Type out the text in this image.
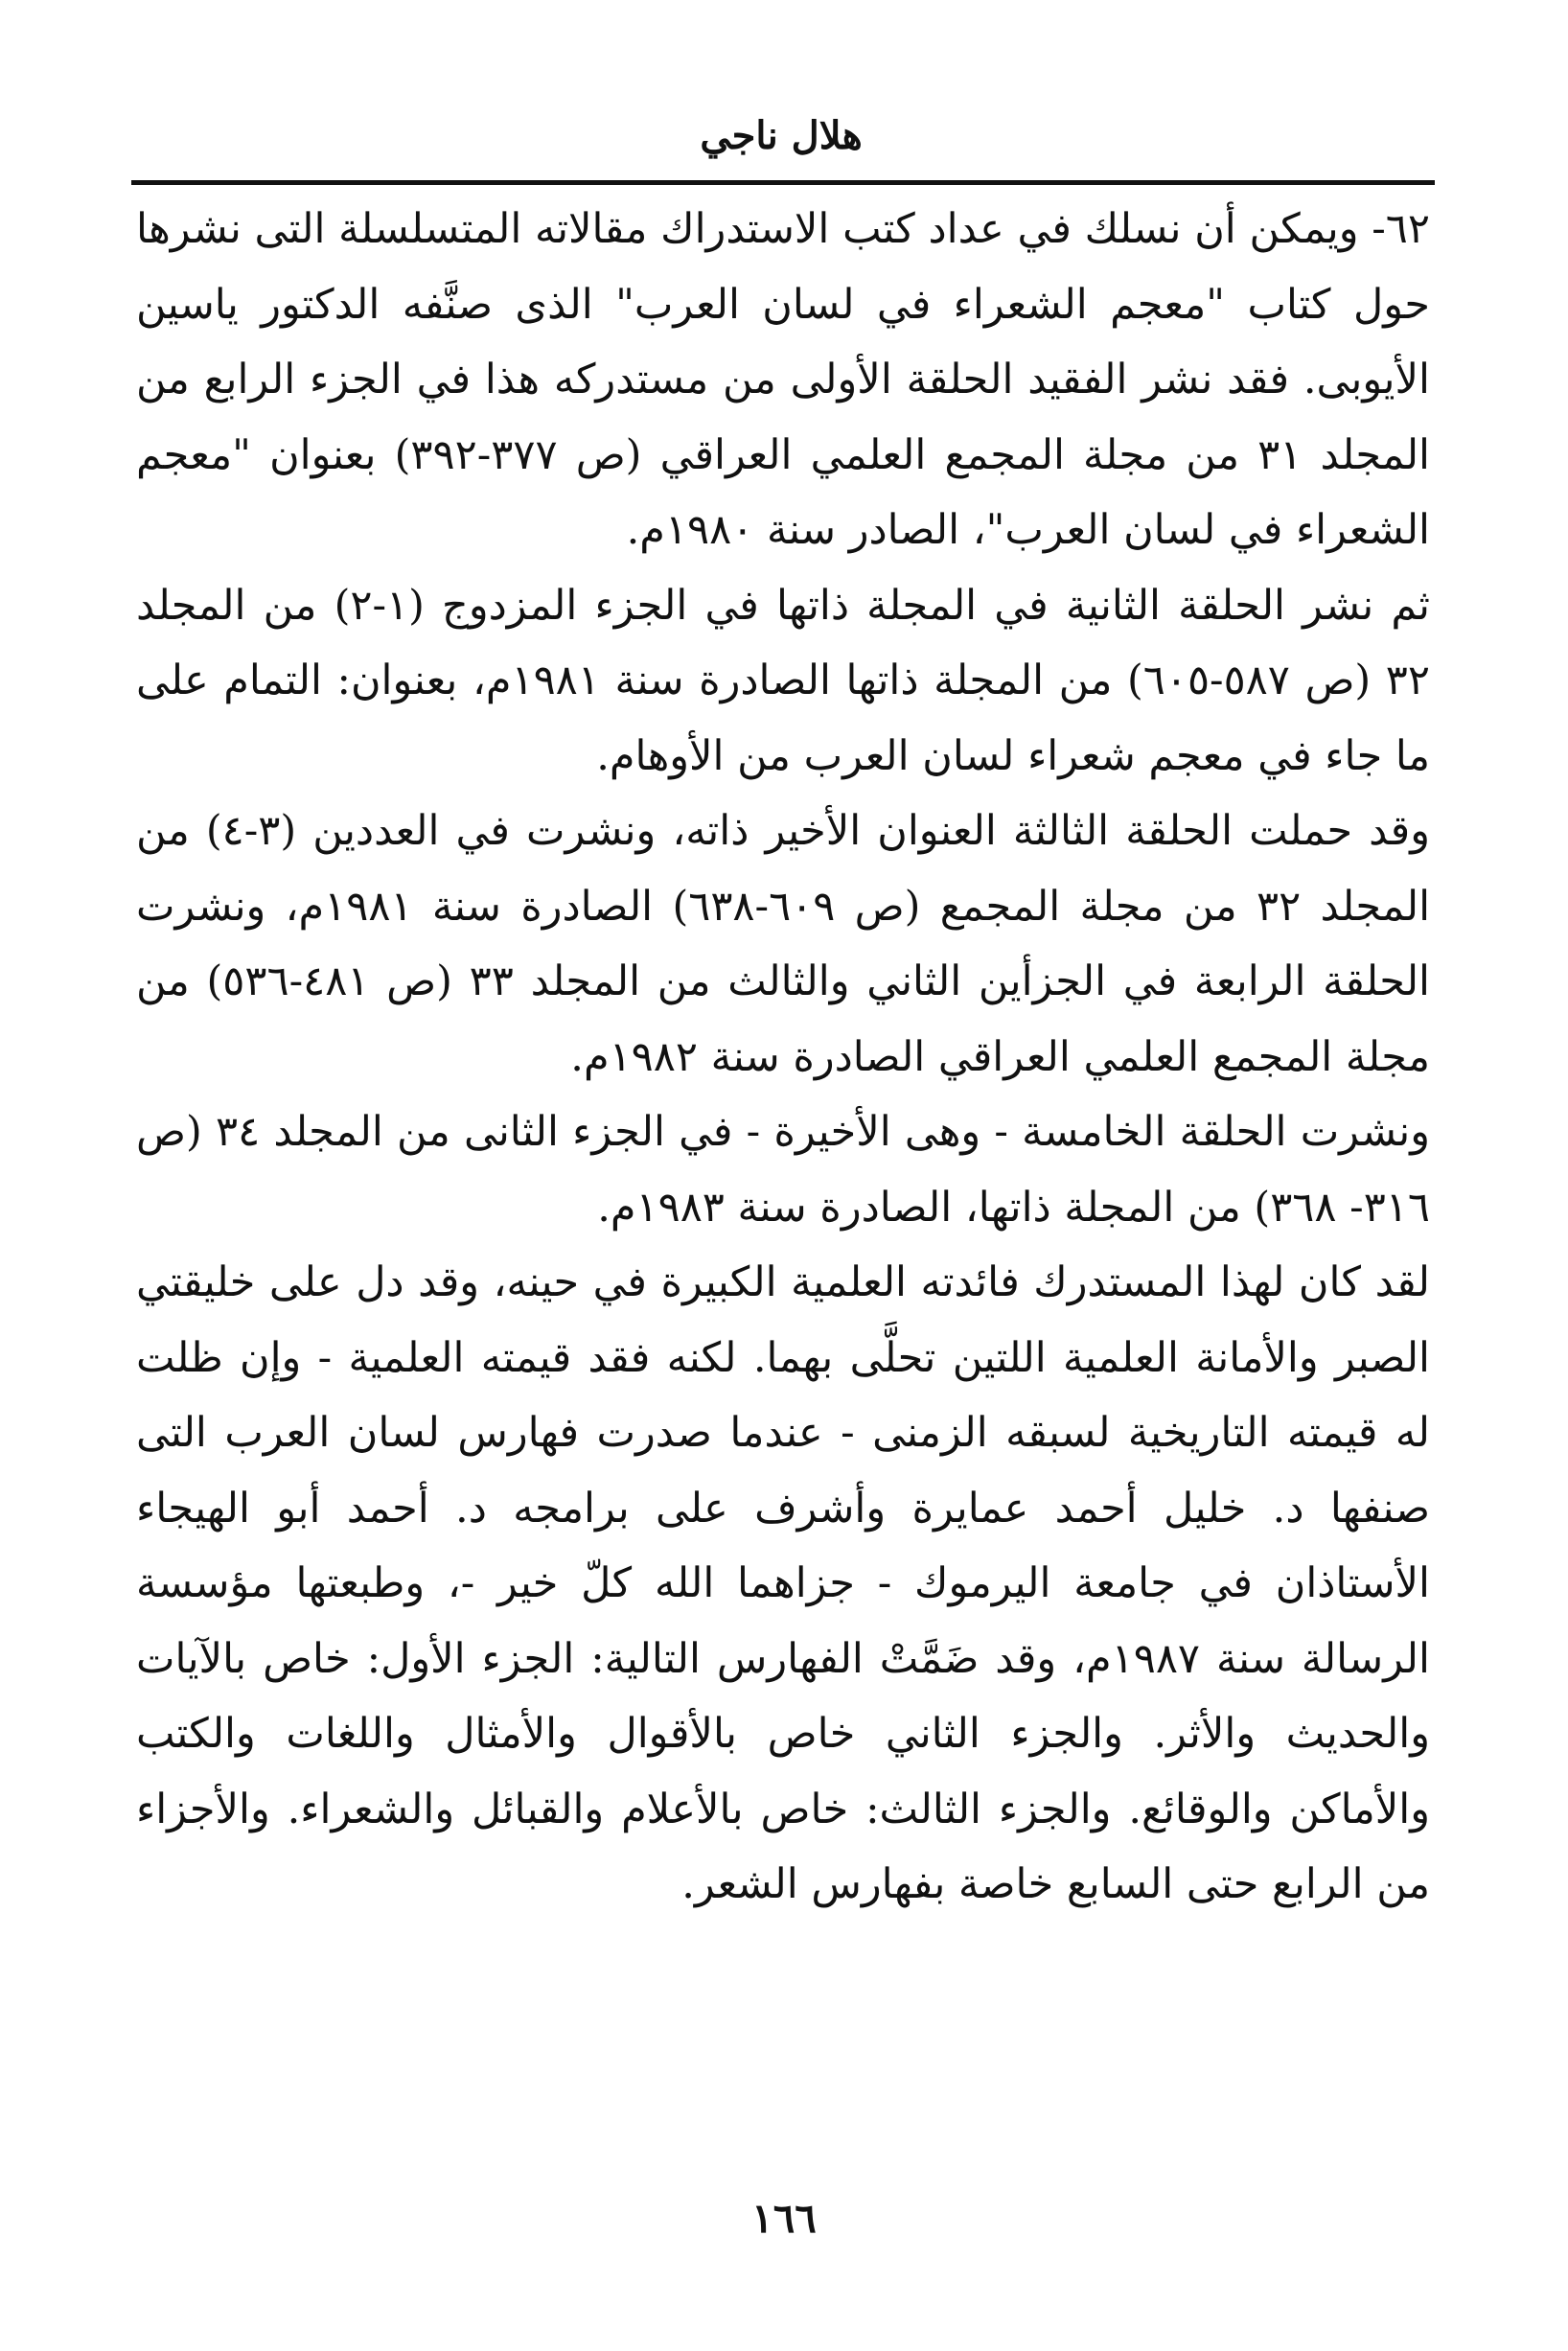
هلال ناجي

٦٢- ويمكن أن نسلك في عداد كتب الاستدراك مقالاته المتسلسلة التى نشرها حول كتاب "معجم الشعراء في لسان العرب" الذى صنَّفه الدكتور ياسين الأيوبى. فقد نشر الفقيد الحلقة الأولى من مستدركه هذا في الجزء الرابع من المجلد ٣١ من مجلة المجمع العلمي العراقي (ص ٣٧٧-٣٩٢) بعنوان "معجم الشعراء في لسان العرب"، الصادر سنة ١٩٨٠م.

ثم نشر الحلقة الثانية في المجلة ذاتها في الجزء المزدوج (١-٢) من المجلد ٣٢ (ص ٥٨٧-٦٠٥) من المجلة ذاتها الصادرة سنة ١٩٨١م، بعنوان: التمام على ما جاء في معجم شعراء لسان العرب من الأوهام.

وقد حملت الحلقة الثالثة العنوان الأخير ذاته، ونشرت في العددين (٣-٤) من المجلد ٣٢ من مجلة المجمع (ص ٦٠٩-٦٣٨) الصادرة سنة ١٩٨١م، ونشرت الحلقة الرابعة في الجزأين الثاني والثالث من المجلد ٣٣ (ص ٤٨١-٥٣٦) من مجلة المجمع العلمي العراقي الصادرة سنة ١٩٨٢م.

ونشرت الحلقة الخامسة - وهى الأخيرة - في الجزء الثانى من المجلد ٣٤ (ص ٣١٦- ٣٦٨) من المجلة ذاتها، الصادرة سنة ١٩٨٣م.

لقد كان لهذا المستدرك فائدته العلمية الكبيرة في حينه، وقد دل على خليقتي الصبر والأمانة العلمية اللتين تحلَّى بهما. لكنه فقد قيمته العلمية - وإن ظلت له قيمته التاريخية لسبقه الزمنى - عندما صدرت فهارس لسان العرب التى صنفها د. خليل أحمد عمايرة وأشرف على برامجه د. أحمد أبو الهيجاء الأستاذان في جامعة اليرموك - جزاهما الله كلّ خير -، وطبعتها مؤسسة الرسالة سنة ١٩٨٧م، وقد ضَمَّتْ الفهارس التالية: الجزء الأول: خاص بالآيات والحديث والأثر. والجزء الثاني خاص بالأقوال والأمثال واللغات والكتب والأماكن والوقائع. والجزء الثالث: خاص بالأعلام والقبائل والشعراء. والأجزاء من الرابع حتى السابع خاصة بفهارس الشعر.

١٦٦
